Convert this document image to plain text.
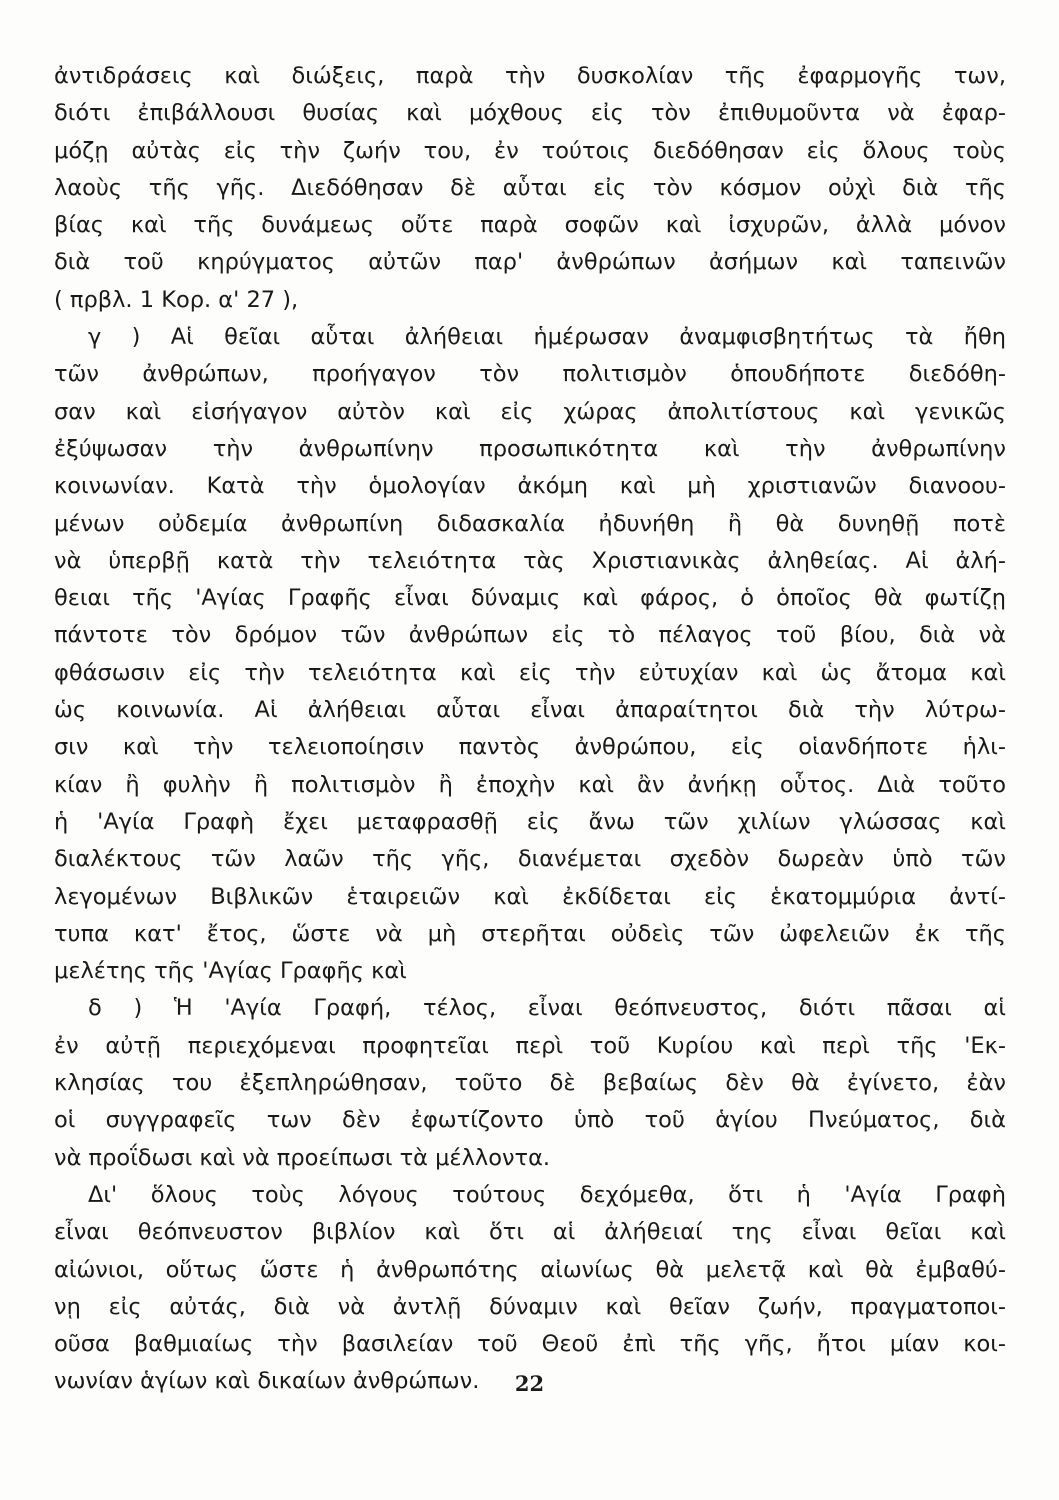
ἀντιδράσεις καὶ διώξεις, παρὰ τὴν δυσκολίαν τῆς ἐφαρμογῆς των,
διότι ἐπιβάλλουσι θυσίας καὶ μόχθους εἰς τὸν ἐπιθυμοῦντα νὰ ἐφαρ-
μόζῃ αὐτὰς εἰς τὴν ζωήν του, ἐν τούτοις διεδόθησαν εἰς ὅλους τοὺς
λαοὺς τῆς γῆς. Διεδόθησαν δὲ αὗται εἰς τὸν κόσμον οὐχὶ διὰ τῆς
βίας καὶ τῆς δυνάμεως οὔτε παρὰ σοφῶν καὶ ἰσχυρῶν, ἀλλὰ μόνον
διὰ τοῦ κηρύγματος αὐτῶν παρ' ἀνθρώπων ἀσήμων καὶ ταπεινῶν
( πρβλ. 1 Κορ. α' 27 ),
γ ) Αἱ θεῖαι αὗται ἀλήθειαι ἡμέρωσαν ἀναμφισβητήτως τὰ ἤθη
τῶν ἀνθρώπων, προήγαγον τὸν πολιτισμὸν ὁπουδήποτε διεδόθη-
σαν καὶ εἰσήγαγον αὐτὸν καὶ εἰς χώρας ἀπολιτίστους καὶ γενικῶς
ἐξύψωσαν τὴν ἀνθρωπίνην προσωπικότητα καὶ τὴν ἀνθρωπίνην
κοινωνίαν. Κατὰ τὴν ὁμολογίαν ἀκόμη καὶ μὴ χριστιανῶν διανοου-
μένων οὐδεμία ἀνθρωπίνη διδασκαλία ἠδυνήθη ἢ θὰ δυνηθῇ ποτὲ
νὰ ὑπερβῇ κατὰ τὴν τελειότητα τὰς Χριστιανικὰς ἀληθείας. Αἱ ἀλή-
θειαι τῆς 'Αγίας Γραφῆς εἶναι δύναμις καὶ φάρος, ὁ ὁποῖος θὰ φωτίζῃ
πάντοτε τὸν δρόμον τῶν ἀνθρώπων εἰς τὸ πέλαγος τοῦ βίου, διὰ νὰ
φθάσωσιν εἰς τὴν τελειότητα καὶ εἰς τὴν εὐτυχίαν καὶ ὡς ἄτομα καὶ
ὡς κοινωνία. Αἱ ἀλήθειαι αὗται εἶναι ἀπαραίτητοι διὰ τὴν λύτρω-
σιν καὶ τὴν τελειοποίησιν παντὸς ἀνθρώπου, εἰς οἱανδήποτε ἡλι-
κίαν ἢ φυλὴν ἢ πολιτισμὸν ἢ ἐποχὴν καὶ ἂν ἀνήκῃ οὗτος. Διὰ τοῦτο
ἡ 'Αγία Γραφὴ ἔχει μεταφρασθῇ εἰς ἄνω τῶν χιλίων γλώσσας καὶ
διαλέκτους τῶν λαῶν τῆς γῆς, διανέμεται σχεδὸν δωρεὰν ὑπὸ τῶν
λεγομένων Βιβλικῶν ἑταιρειῶν καὶ ἐκδίδεται εἰς ἑκατομμύρια ἀντί-
τυπα κατ' ἔτος, ὥστε νὰ μὴ στερῆται οὐδεὶς τῶν ὠφελειῶν ἐκ τῆς
μελέτης τῆς 'Αγίας Γραφῆς καὶ
δ ) Ἡ 'Αγία Γραφή, τέλος, εἶναι θεόπνευστος, διότι πᾶσαι αἱ
ἐν αὐτῇ περιεχόμεναι προφητεῖαι περὶ τοῦ Κυρίου καὶ περὶ τῆς 'Εκ-
κλησίας του ἐξεπληρώθησαν, τοῦτο δὲ βεβαίως δὲν θὰ ἐγίνετο, ἐὰν
οἱ συγγραφεῖς των δὲν ἐφωτίζοντο ὑπὸ τοῦ ἁγίου Πνεύματος, διὰ
νὰ προΐδωσι καὶ νὰ προείπωσι τὰ μέλλοντα.
Δι' ὅλους τοὺς λόγους τούτους δεχόμεθα, ὅτι ἡ 'Αγία Γραφὴ
εἶναι θεόπνευστον βιβλίον καὶ ὅτι αἱ ἀλήθειαί της εἶναι θεῖαι καὶ
αἰώνιοι, οὕτως ὥστε ἡ ἀνθρωπότης αἰωνίως θὰ μελετᾷ καὶ θὰ ἐμβαθύ-
νῃ εἰς αὐτάς, διὰ νὰ ἀντλῇ δύναμιν καὶ θεῖαν ζωήν, πραγματοποι-
οῦσα βαθμιαίως τὴν βασιλείαν τοῦ Θεοῦ ἐπὶ τῆς γῆς, ἤτοι μίαν κοι-
νωνίαν ἁγίων καὶ δικαίων ἀνθρώπων.	22
